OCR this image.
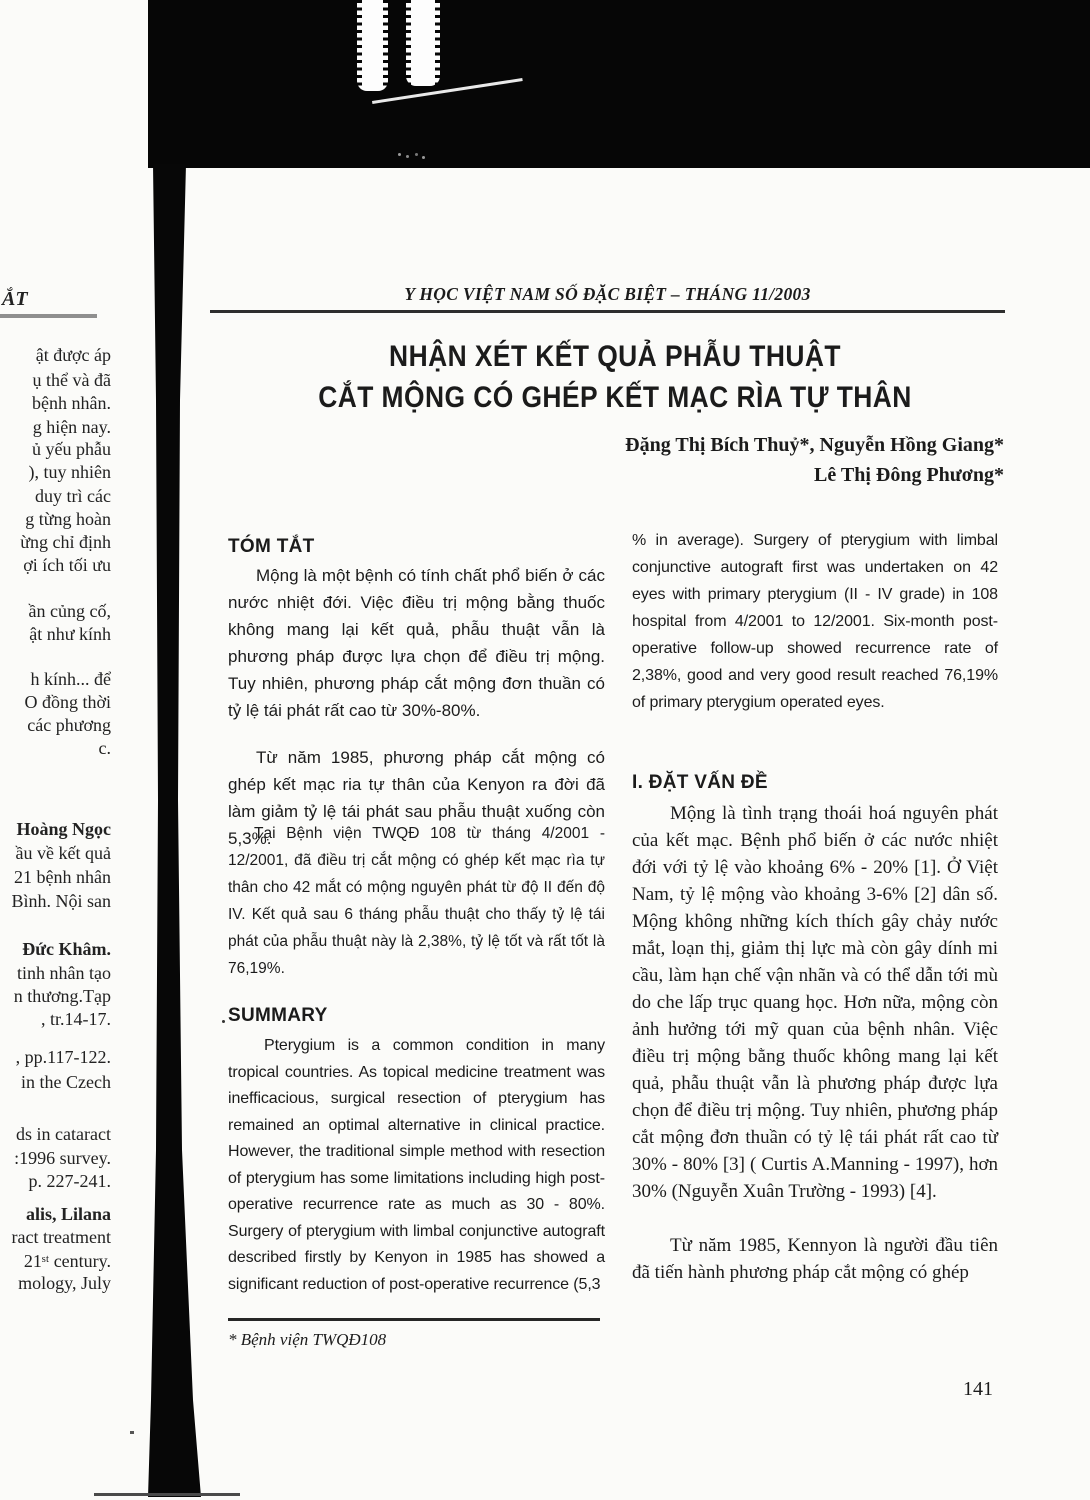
ẮT
ật được áp
ụ thể và đã
bệnh nhân.
g hiện nay.
ủ yếu phẫu
), tuy nhiên
duy trì các
g từng hoàn
ừng chỉ định
ợi ích tối ưu
ần củng cố,
ật như kính
h kính... để
O đồng thời
các phương
c.
Hoàng Ngọc
ầu về kết quả
21 bệnh nhân
Bình. Nội san
Đức Khâm.
tinh nhân tạo
n thương.Tạp
, tr.14-17.
, pp.117-122.
in the Czech
ds in cataract
:1996 survey.
p. 227-241.
alis, Lilana
ract treatment
21ˢᵗ century.
mology, July
Y HỌC VIỆT NAM SỐ ĐẶC BIỆT – THÁNG 11/2003
NHẬN XÉT KẾT QUẢ PHẪU THUẬT
CẮT MỘNG CÓ GHÉP KẾT MẠC RÌA TỰ THÂN
Đặng Thị Bích Thuỷ*, Nguyễn Hồng Giang*
Lê Thị Đông Phương*
TÓM TẮT
Mộng là một bệnh có tính chất phổ biến ở các nước nhiệt đới. Việc điều trị mộng bằng thuốc không mang lại kết quả, phẫu thuật vẫn là phương pháp được lựa chọn để điều trị mộng. Tuy nhiên, phương pháp cắt mộng đơn thuần có tỷ lệ tái phát rất cao từ 30%-80%.
Từ năm 1985, phương pháp cắt mộng có ghép kết mạc ria tự thân của Kenyon ra đời đã làm giảm tỷ lệ tái phát sau phẫu thuật xuống còn 5,3%.
Tại Bệnh viện TWQĐ 108 từ tháng 4/2001 - 12/2001, đã điều trị cắt mộng có ghép kết mạc rìa tự thân cho 42 mắt có mộng nguyên phát từ độ II đến độ IV. Kết quả sau 6 tháng phẫu thuật cho thấy tỷ lệ tái phát của phẫu thuật này là 2,38%, tỷ lệ tốt và rất tốt là 76,19%.
SUMMARY
Pterygium is a common condition in many tropical countries. As topical medicine treatment was inefficacious, surgical resection of pterygium has remained an optimal alternative in clinical practice. However, the traditional simple method with resection of pterygium has some limitations including high post-operative recurrence rate as much as 30 - 80%. Surgery of pterygium with limbal conjunctive autograft described firstly by Kenyon in 1985 has showed a significant reduction of post-operative recurrence (5,3
* Bệnh viện TWQĐ108
% in average). Surgery of pterygium with limbal conjunctive autograft first was undertaken on 42 eyes with primary pterygium (II - IV grade) in 108 hospital from 4/2001 to 12/2001. Six-month post-operative follow-up showed recurrence rate of 2,38%, good and very good result reached 76,19% of primary pterygium operated eyes.
I. ĐẶT VẤN ĐỀ
Mộng là tình trạng thoái hoá nguyên phát của kết mạc. Bệnh phổ biến ở các nước nhiệt đới với tỷ lệ vào khoảng 6% - 20% [1]. Ở Việt Nam, tỷ lệ mộng vào khoảng 3-6% [2] dân số. Mộng không những kích thích gây chảy nước mắt, loạn thị, giảm thị lực mà còn gây dính mi cầu, làm hạn chế vận nhãn và có thể dẫn tới mù do che lấp trục quang học. Hơn nữa, mộng còn ảnh hưởng tới mỹ quan của bệnh nhân. Việc điều trị mộng bằng thuốc không mang lại kết quả, phẫu thuật vẫn là phương pháp được lựa chọn để điều trị mộng. Tuy nhiên, phương pháp cắt mộng đơn thuần có tỷ lệ tái phát rất cao từ 30% - 80% [3] ( Curtis A.Manning - 1997), hơn 30% (Nguyễn Xuân Trường - 1993) [4].
Từ năm 1985, Kennyon là người đầu tiên đã tiến hành phương pháp cắt mộng có ghép
141
